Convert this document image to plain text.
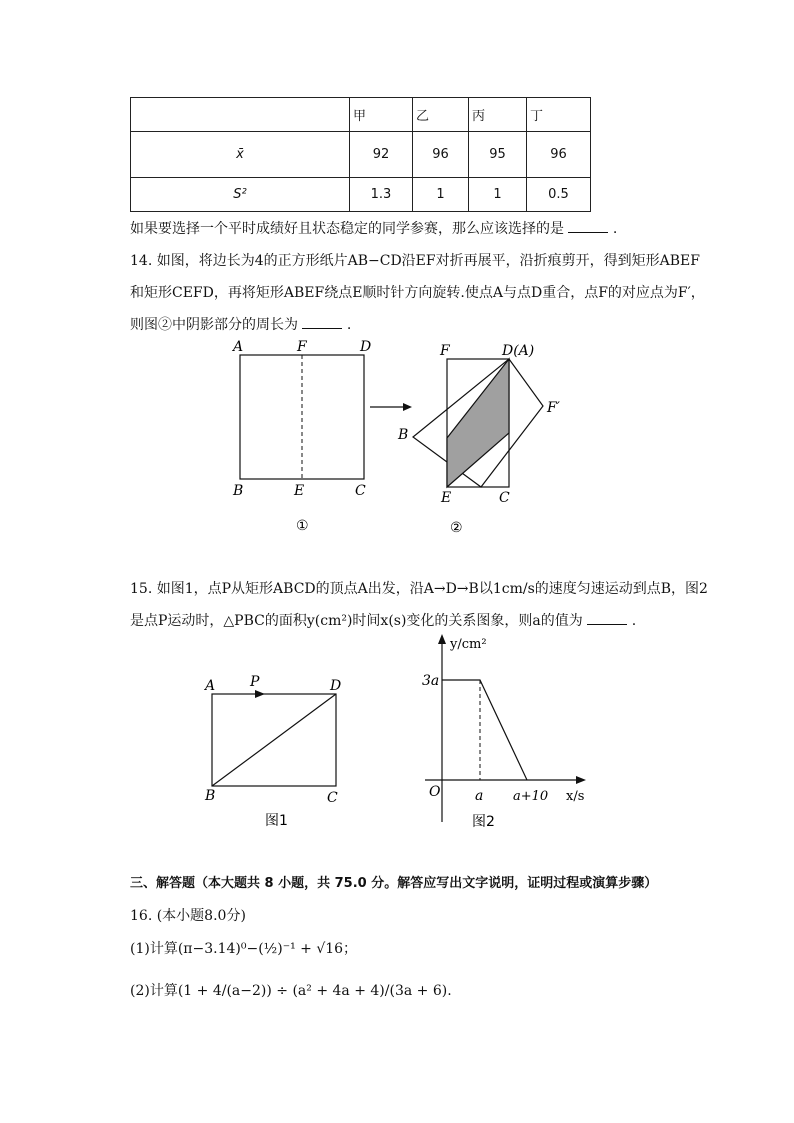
	甲	乙	丙	丁
x̄	92	96	95	96
S²	1.3	1	1	0.5
如果要选择一个平时成绩好且状态稳定的同学参赛，那么应该选择的是	.
14. 如图，将边长为4的正方形纸片AB−CD沿EF对折再展平，沿折痕剪开，得到矩形ABEF
和矩形CEFD，再将矩形ABEF绕点E顺时针方向旋转.使点A与点D重合，点F的对应点为F′，
则图②中阴影部分的周长为	.
A	F	D
B	E	C
①
F	D(A)
F′
B
E	C
②
15. 如图1，点P从矩形ABCD的顶点A出发，沿A→D→B以1cm/s的速度匀速运动到点B，图2
是点P运动时，△PBC的面积y(cm²)时间x(s)变化的关系图象，则a的值为	.
A P	D
B	C
图1
y/cm²
3a
O a a+10 x/s
图2
三、解答题（本大题共 8 小题，共 75.0 分。解答应写出文字说明，证明过程或演算步骤）
16. (本小题8.0分)
(1)计算(π−3.14)⁰−(½)⁻¹ + √16；
(2)计算(1 + 4/(a−2)) ÷ (a² + 4a + 4)/(3a + 6).
